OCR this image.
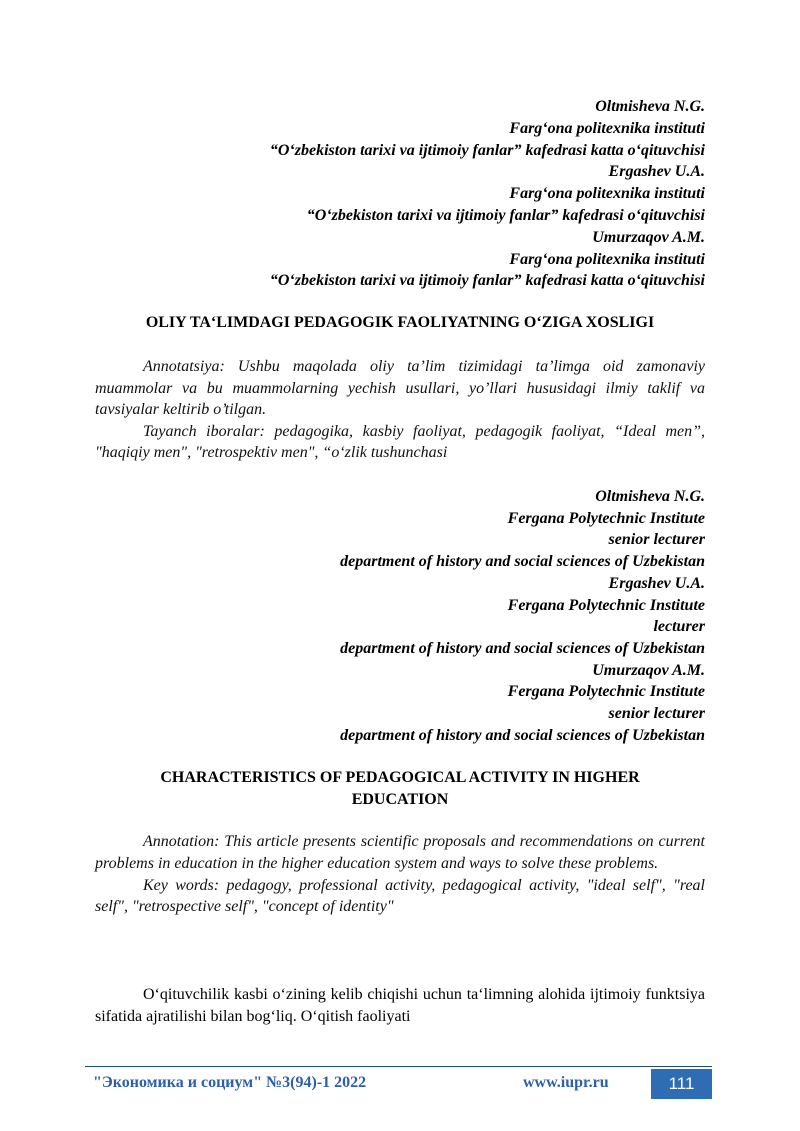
Oltmisheva N.G.
Farg‘ona politexnika instituti
“O‘zbekiston tarixi va ijtimoiy fanlar” kafedrasi katta o‘qituvchisi
Ergashev U.A.
Farg‘ona politexnika instituti
“O‘zbekiston tarixi va ijtimoiy fanlar” kafedrasi o‘qituvchisi
Umurzaqov A.M.
Farg‘ona politexnika instituti
“O‘zbekiston tarixi va ijtimoiy fanlar” kafedrasi katta o‘qituvchisi
OLIY TA‘LIMDAGI PEDAGOGIK FAOLIYATNING O‘ZIGA XOSLIGI

Annotatsiya: Ushbu maqolada oliy ta’lim tizimidagi ta’limga oid zamonaviy muammolar va bu muammolarning yechish usullari, yo’llari hususidagi ilmiy taklif va tavsiyalar keltirib o’tilgan.

Tayanch iboralar: pedagogika, kasbiy faoliyat, pedagogik faoliyat, “Ideal men”, "haqiqiy men", "retrospektiv men", “o‘zlik tushunchasi

Oltmisheva N.G.
Fergana Polytechnic Institute
senior lecturer
department of history and social sciences of Uzbekistan
Ergashev U.A.
Fergana Polytechnic Institute
lecturer
department of history and social sciences of Uzbekistan
Umurzaqov A.M.
Fergana Polytechnic Institute
senior lecturer
department of history and social sciences of Uzbekistan
CHARACTERISTICS OF PEDAGOGICAL ACTIVITY IN HIGHER
EDUCATION

Annotation: This article presents scientific proposals and recommendations on current problems in education in the higher education system and ways to solve these problems.

Key words: pedagogy, professional activity, pedagogical activity, "ideal self", "real self", "retrospective self", "concept of identity"

O‘qituvchilik kasbi o‘zining kelib chiqishi uchun ta‘limning alohida ijtimoiy funktsiya sifatida ajratilishi bilan bog‘liq. O‘qitish faoliyati

"Экономика и социум" №3(94)-1 2022	www.iupr.ru	111
